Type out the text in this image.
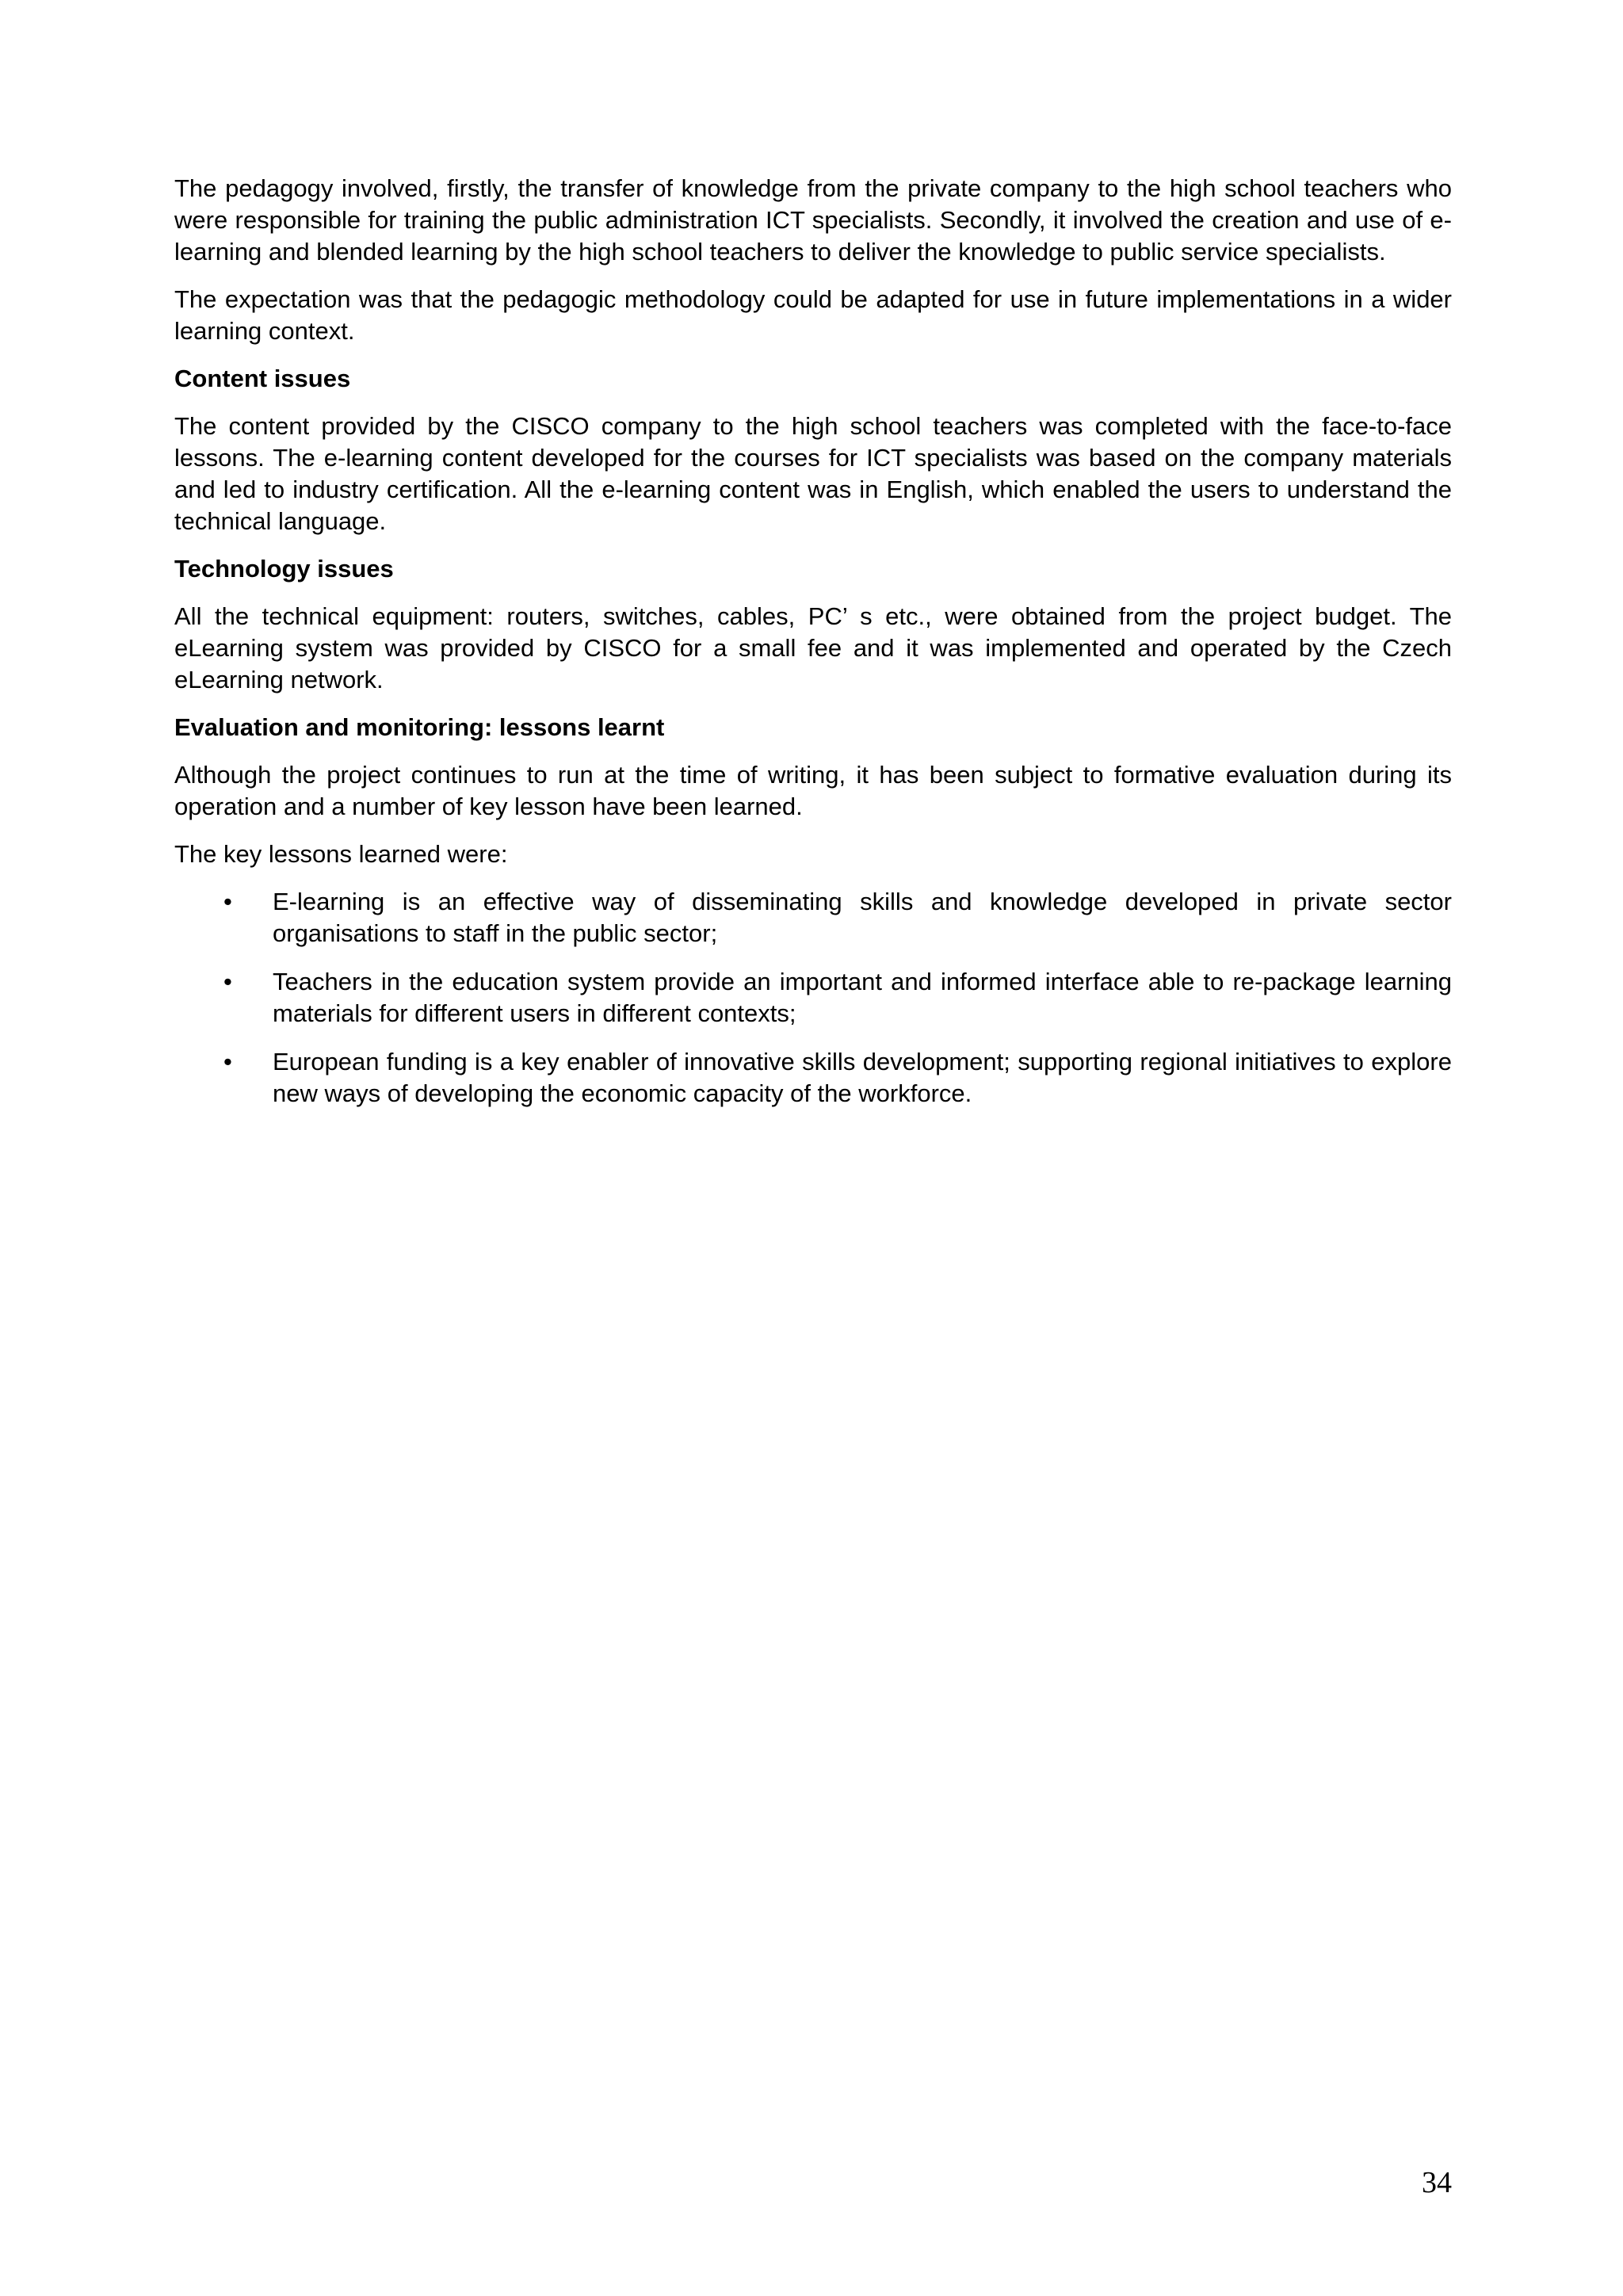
The pedagogy involved, firstly, the transfer of knowledge from the private company to the high school teachers who were responsible for training the public administration ICT specialists. Secondly, it involved the creation and use of e-learning and blended learning by the high school teachers to deliver the knowledge to public service specialists.

The expectation was that the pedagogic methodology could be adapted for use in future implementations in a wider learning context.

Content issues

The content provided by the CISCO company to the high school teachers was completed with the face-to-face lessons. The e-learning content developed for the courses for ICT specialists was based on the company materials and led to industry certification. All the e-learning content was in English, which enabled the users to understand the technical language.

Technology issues

All the technical equipment: routers, switches, cables, PC’ s etc., were obtained from the project budget. The eLearning system was provided by CISCO for a small fee and it was implemented and operated by the Czech eLearning network.

Evaluation and monitoring: lessons learnt

Although the project continues to run at the time of writing, it has been subject to formative evaluation during its operation and a number of key lesson have been learned.

The key lessons learned were:

• E-learning is an effective way of disseminating skills and knowledge developed in private sector organisations to staff in the public sector;
• Teachers in the education system provide an important and informed interface able to re-package learning materials for different users in different contexts;
• European funding is a key enabler of innovative skills development; supporting regional initiatives to explore new ways of developing the economic capacity of the workforce.
34
